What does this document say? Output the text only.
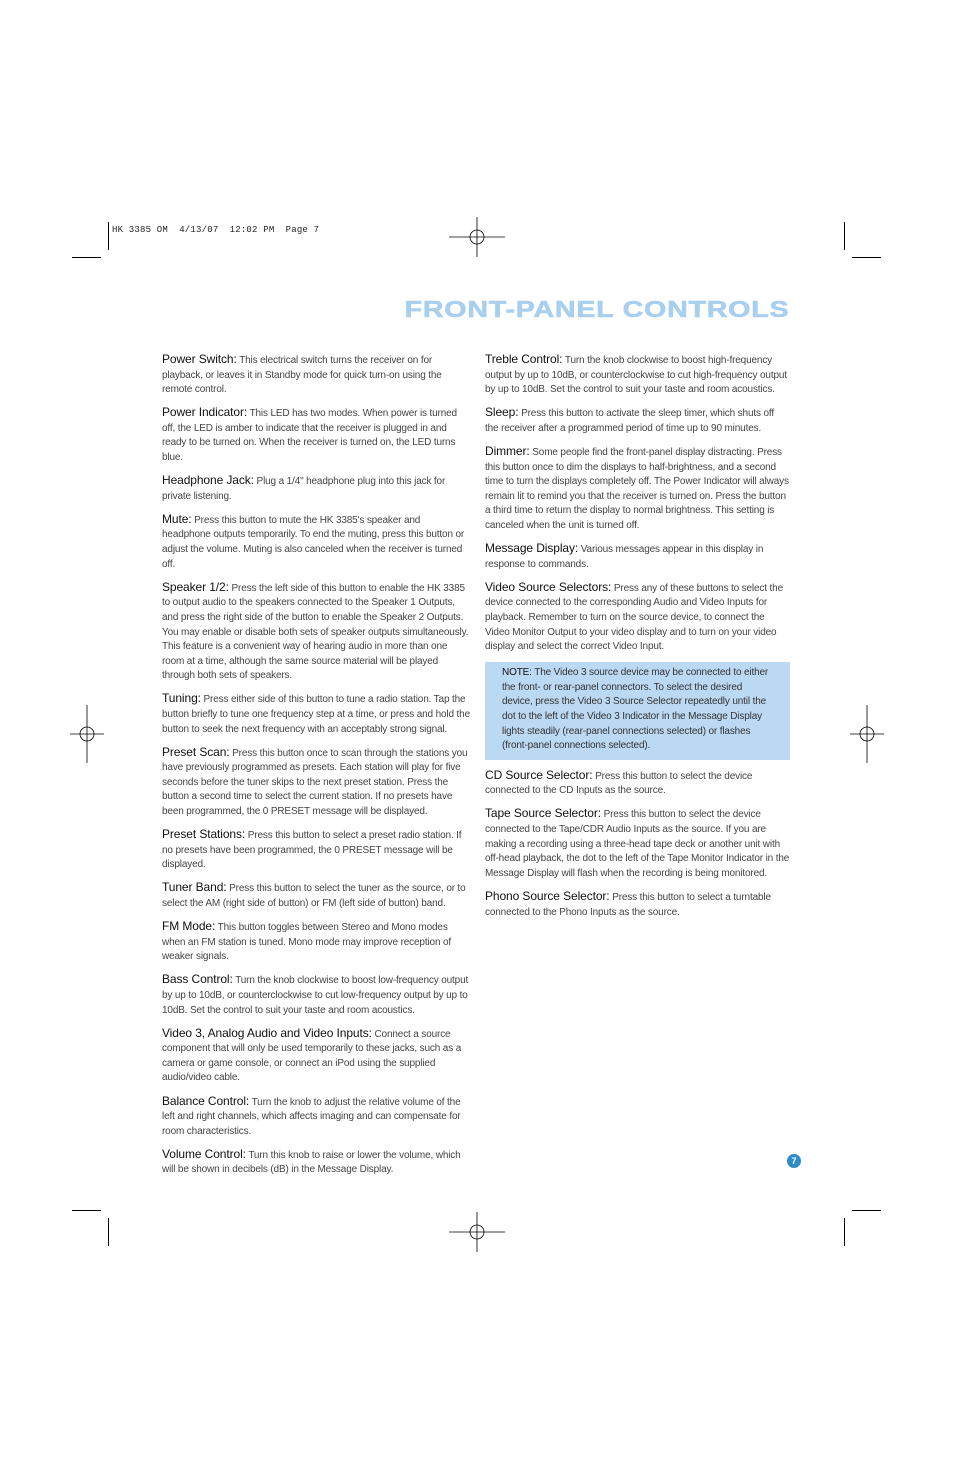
HK 3385 OM  4/13/07  12:02 PM  Page 7
FRONT-PANEL CONTROLS

Power Switch: This electrical switch turns the receiver on for playback, or leaves it in Standby mode for quick turn-on using the remote control.

Power Indicator: This LED has two modes. When power is turned off, the LED is amber to indicate that the receiver is plugged in and ready to be turned on. When the receiver is turned on, the LED turns blue.

Headphone Jack: Plug a 1/4" headphone plug into this jack for private listening.

Mute: Press this button to mute the HK 3385's speaker and headphone outputs temporarily. To end the muting, press this button or adjust the volume. Muting is also canceled when the receiver is turned off.

Speaker 1/2: Press the left side of this button to enable the HK 3385 to output audio to the speakers connected to the Speaker 1 Outputs, and press the right side of the button to enable the Speaker 2 Outputs. You may enable or disable both sets of speaker outputs simultaneously. This feature is a convenient way of hearing audio in more than one room at a time, although the same source material will be played through both sets of speakers.

Tuning: Press either side of this button to tune a radio station. Tap the button briefly to tune one frequency step at a time, or press and hold the button to seek the next frequency with an acceptably strong signal.

Preset Scan: Press this button once to scan through the stations you have previously programmed as presets. Each station will play for five seconds before the tuner skips to the next preset station. Press the button a second time to select the current station. If no presets have been programmed, the 0 PRESET message will be displayed.

Preset Stations: Press this button to select a preset radio station. If no presets have been programmed, the 0 PRESET message will be displayed.

Tuner Band: Press this button to select the tuner as the source, or to select the AM (right side of button) or FM (left side of button) band.

FM Mode: This button toggles between Stereo and Mono modes when an FM station is tuned. Mono mode may improve reception of weaker signals.

Bass Control: Turn the knob clockwise to boost low-frequency output by up to 10dB, or counterclockwise to cut low-frequency output by up to 10dB. Set the control to suit your taste and room acoustics.

Video 3, Analog Audio and Video Inputs: Connect a source component that will only be used temporarily to these jacks, such as a camera or game console, or connect an iPod using the supplied audio/video cable.

Balance Control: Turn the knob to adjust the relative volume of the left and right channels, which affects imaging and can compensate for room characteristics.

Volume Control: Turn this knob to raise or lower the volume, which will be shown in decibels (dB) in the Message Display.

Treble Control: Turn the knob clockwise to boost high-frequency output by up to 10dB, or counterclockwise to cut high-frequency output by up to 10dB. Set the control to suit your taste and room acoustics.

Sleep: Press this button to activate the sleep timer, which shuts off the receiver after a programmed period of time up to 90 minutes.

Dimmer: Some people find the front-panel display distracting. Press this button once to dim the displays to half-brightness, and a second time to turn the displays completely off. The Power Indicator will always remain lit to remind you that the receiver is turned on. Press the button a third time to return the display to normal brightness. This setting is canceled when the unit is turned off.

Message Display: Various messages appear in this display in response to commands.

Video Source Selectors: Press any of these buttons to select the device connected to the corresponding Audio and Video Inputs for playback. Remember to turn on the source device, to connect the Video Monitor Output to your video display and to turn on your video display and select the correct Video Input.

NOTE: The Video 3 source device may be connected to either the front- or rear-panel connectors. To select the desired device, press the Video 3 Source Selector repeatedly until the dot to the left of the Video 3 Indicator in the Message Display lights steadily (rear-panel connections selected) or flashes (front-panel connections selected).

CD Source Selector: Press this button to select the device connected to the CD Inputs as the source.

Tape Source Selector: Press this button to select the device connected to the Tape/CDR Audio Inputs as the source. If you are making a recording using a three-head tape deck or another unit with off-head playback, the dot to the left of the Tape Monitor Indicator in the Message Display will flash when the recording is being monitored.

Phono Source Selector: Press this button to select a turntable connected to the Phono Inputs as the source.

7
